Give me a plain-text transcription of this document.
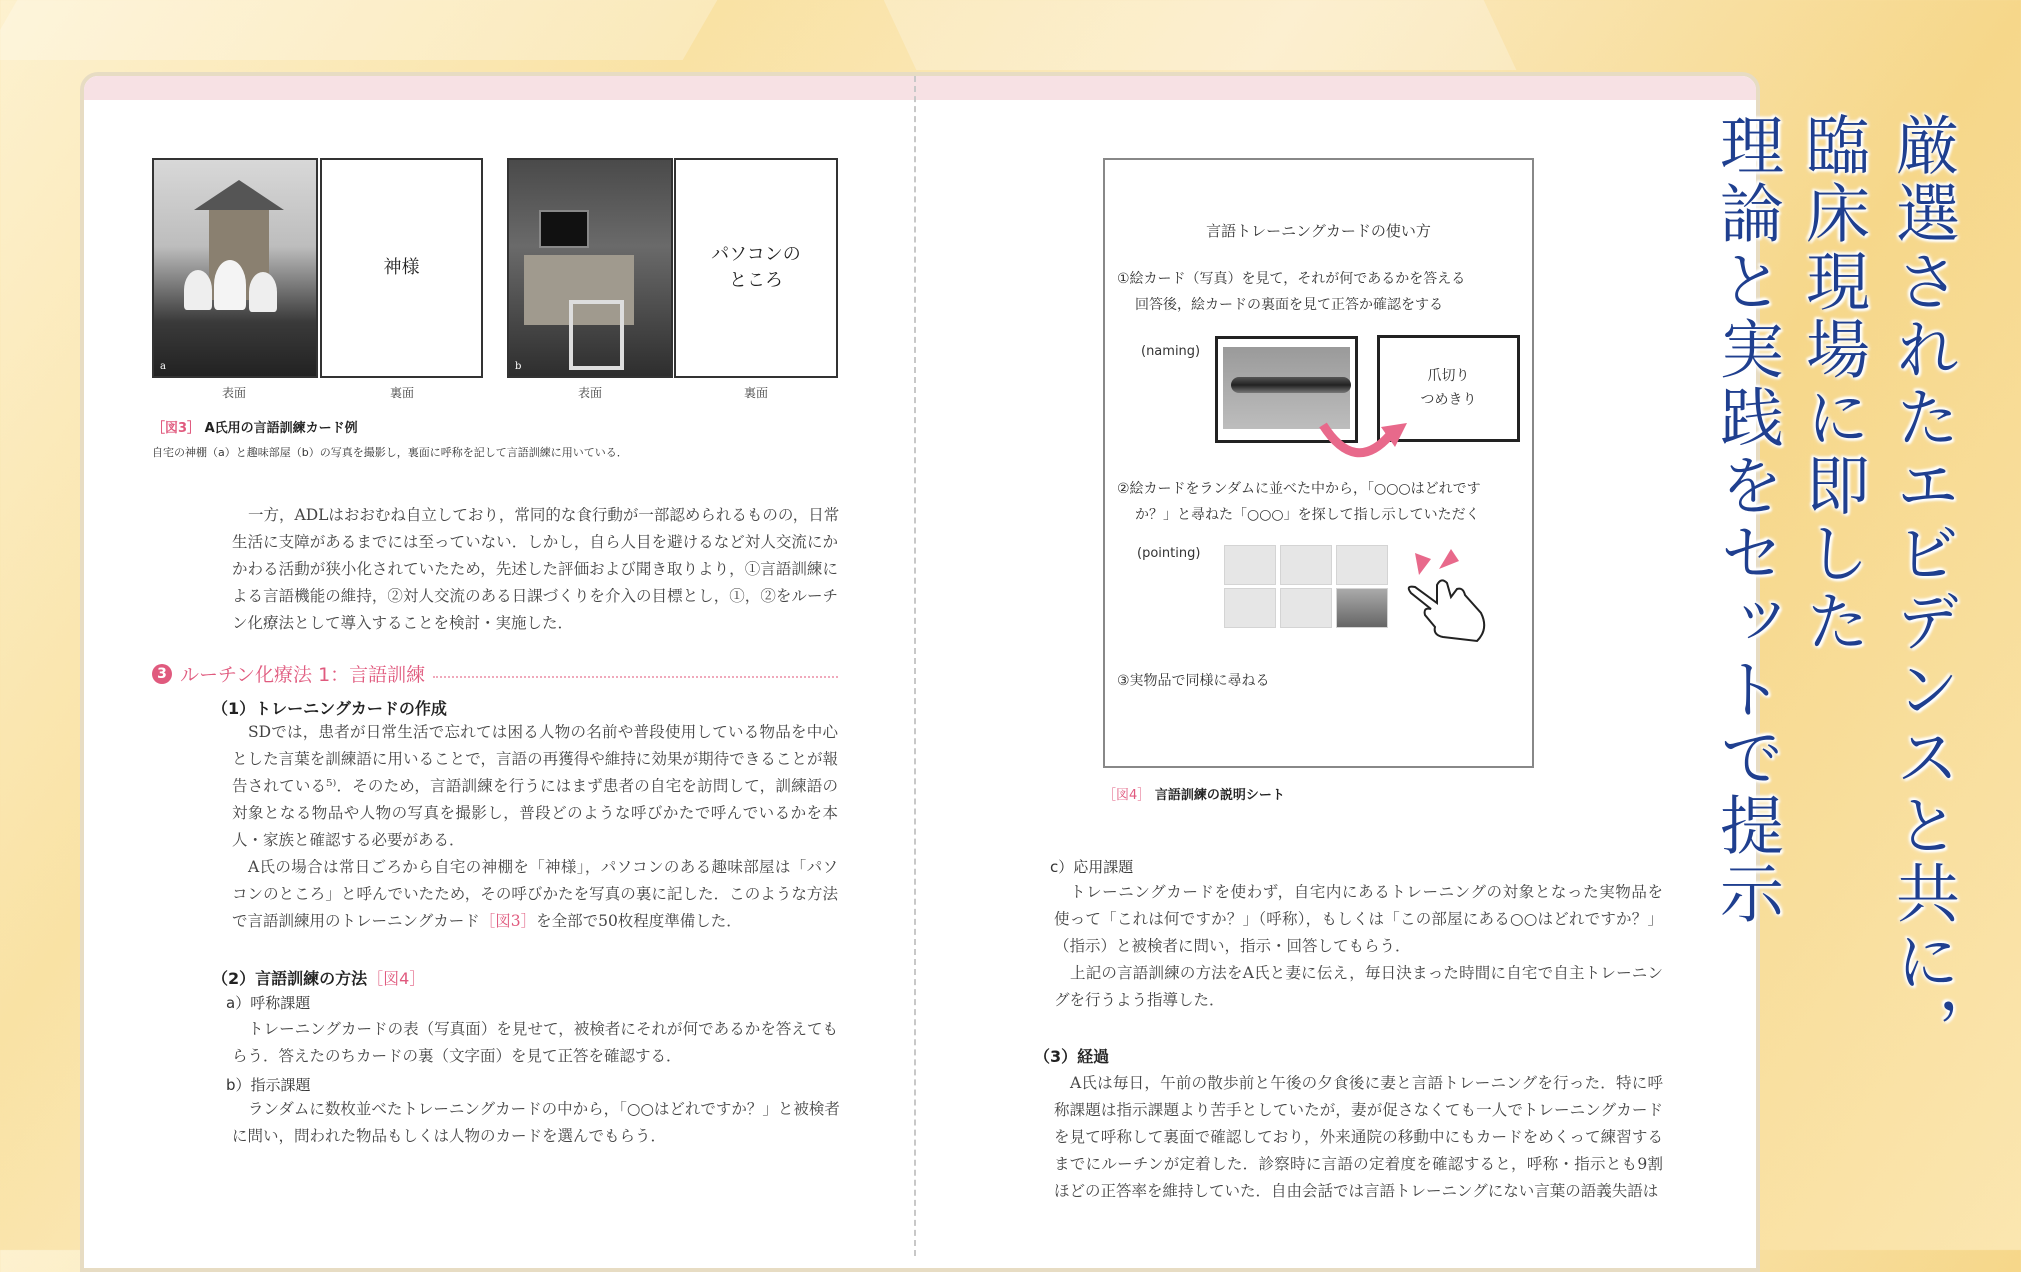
a
神様
b
パソコンの
ところ
表面	裏面	表面	裏面
［図3］ A氏用の言語訓練カード例
自宅の神棚（a）と趣味部屋（b）の写真を撮影し，裏面に呼称を記して言語訓練に用いている．
一方，ADLはおおむね自立しており，常同的な食行動が一部認められるものの，日常
生活に支障があるまでには至っていない．しかし，自ら人目を避けるなど対人交流にか
かわる活動が狭小化されていたため，先述した評価および聞き取りより，①言語訓練に
よる言語機能の維持，②対人交流のある日課づくりを介入の目標とし，①，②をルーチ
ン化療法として導入することを検討・実施した．
3 ルーチン化療法 1：言語訓練
（1）トレーニングカードの作成
SDでは，患者が日常生活で忘れては困る人物の名前や普段使用している物品を中心
とした言葉を訓練語に用いることで，言語の再獲得や維持に効果が期待できることが報
告されている⁵⁾．そのため，言語訓練を行うにはまず患者の自宅を訪問して，訓練語の
対象となる物品や人物の写真を撮影し，普段どのような呼びかたで呼んでいるかを本
人・家族と確認する必要がある．
A氏の場合は常日ごろから自宅の神棚を「神様」，パソコンのある趣味部屋は「パソ
コンのところ」と呼んでいたため，その呼びかたを写真の裏に記した．このような方法
で言語訓練用のトレーニングカード［図3］を全部で50枚程度準備した．
（2）言語訓練の方法［図4］
a）呼称課題
トレーニングカードの表（写真面）を見せて，被検者にそれが何であるかを答えても
らう．答えたのちカードの裏（文字面）を見て正答を確認する．
b）指示課題
ランダムに数枚並べたトレーニングカードの中から，「○○はどれですか？」と被検者
に問い，問われた物品もしくは人物のカードを選んでもらう．
言語トレーニングカードの使い方
①絵カード（写真）を見て，それが何であるかを答える
回答後，絵カードの裏面を見て正答か確認をする
(naming)
爪切り
つめきり
②絵カードをランダムに並べた中から，「○○○はどれです
か？」と尋ねた「○○○」を探して指し示していただく
(pointing)
③実物品で同様に尋ねる
［図4］ 言語訓練の説明シート
c）応用課題
トレーニングカードを使わず，自宅内にあるトレーニングの対象となった実物品を
使って「これは何ですか？」（呼称），もしくは「この部屋にある○○はどれですか？」
（指示）と被検者に問い，指示・回答してもらう．
上記の言語訓練の方法をA氏と妻に伝え，毎日決まった時間に自宅で自主トレーニン
グを行うよう指導した．
（3）経過
A氏は毎日，午前の散歩前と午後の夕食後に妻と言語トレーニングを行った．特に呼
称課題は指示課題より苦手としていたが，妻が促さなくても一人でトレーニングカード
を見て呼称して裏面で確認しており，外来通院の移動中にもカードをめくって練習する
までにルーチンが定着した．診察時に言語の定着度を確認すると，呼称・指示とも9割
ほどの正答率を維持していた．自由会話では言語トレーニングにない言葉の語義失語は
厳選されたエビデンスと共に，
臨床現場に即した
理論と実践をセットで提示
